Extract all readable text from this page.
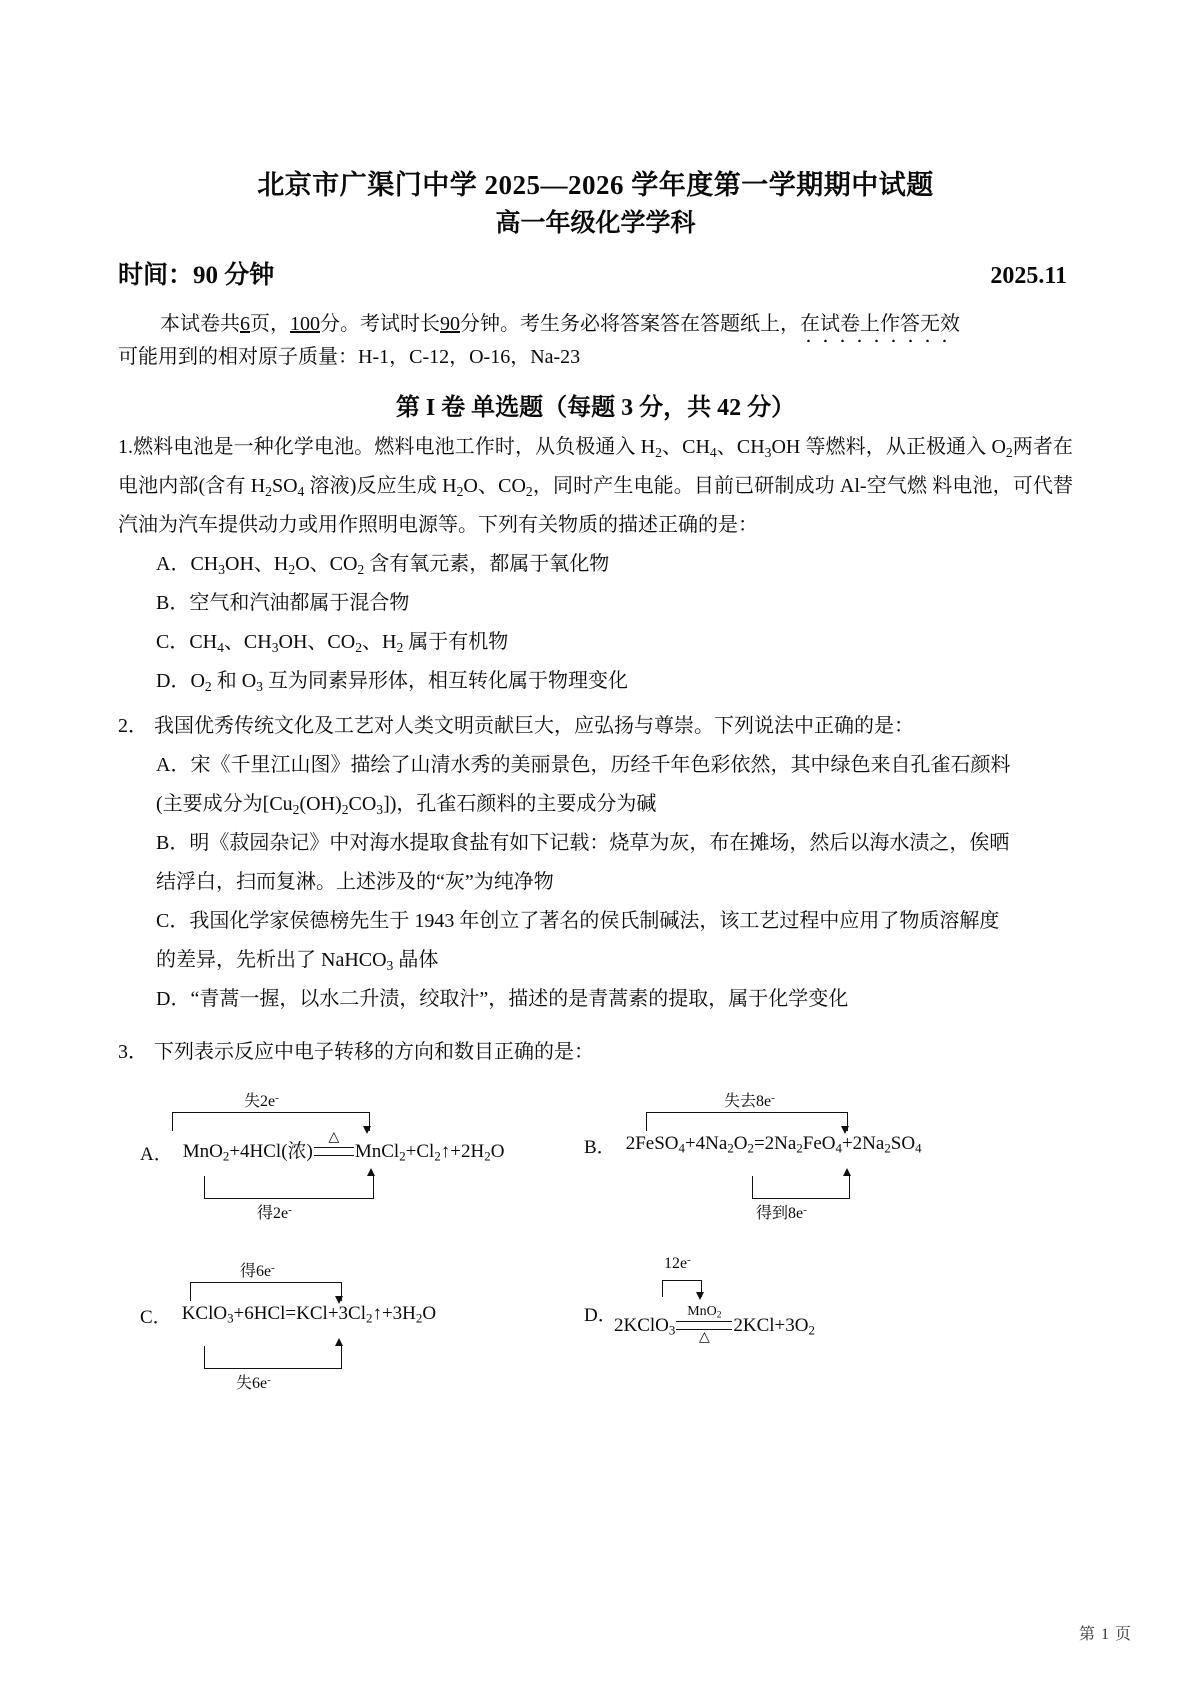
北京市广渠门中学 2025—2026 学年度第一学期期中试题
高一年级化学学科
时间：90 分钟	2025.11
本试卷共6页，100分。考试时长90分钟。考生务必将答案答在答题纸上，在试卷上作答无效
可能用到的相对原子质量：H-1，C-12，O-16，Na-23
第 I 卷 单选题（每题 3 分，共 42 分）
1.燃料电池是一种化学电池。燃料电池工作时，从负极通入 $H_2$、$CH_4$、$CH_3OH$ 等燃料，从正极通入 $O_2$两者在电池内部(含有 $H_2SO_4$ 溶液)反应生成 $H_2O$、$CO_2$，同时产生电能。目前已研制成功 Al-空气燃 料电池，可代替汽油为汽车提供动力或用作照明电源等。下列有关物质的描述正确的是：
A．$CH_3OH$、$H_2O$、$CO_2$ 含有氧元素，都属于氧化物
B．空气和汽油都属于混合物
C．$CH_4$、$CH_3OH$、$CO_2$、$H_2$ 属于有机物
D．$O_2$ 和 $O_3$ 互为同素异形体，相互转化属于物理变化
2． 我国优秀传统文化及工艺对人类文明贡献巨大，应弘扬与尊崇。下列说法中正确的是：
A．宋《千里江山图》描绘了山清水秀的美丽景色，历经千年色彩依然，其中绿色来自孔雀石颜料
(主要成分为$[Cu_2(OH)_2CO_3]$)，孔雀石颜料的主要成分为碱
B．明《菽园杂记》中对海水提取食盐有如下记载：烧草为灰，布在摊场，然后以海水渍之，俟晒
结浮白，扫而复淋。上述涉及的“灰”为纯净物
C．我国化学家侯德榜先生于 1943 年创立了著名的侯氏制碱法，该工艺过程中应用了物质溶解度
的差异，先析出了 NaHCO$_3$ 晶体
D．“青蒿一握，以水二升渍，绞取汁”，描述的是青蒿素的提取，属于化学变化
3． 下列表示反应中电子转移的方向和数目正确的是：
失2e-
A． MnO$_2$+4HCl(浓)
△

$MnCl_2+Cl_2↑+2H_2O$
得2e-
失去8e-
B． $2FeSO_4+4Na_2O_2=2Na_2FeO_4+2Na_2SO_4$
得到8e-
得6e-
C． $KClO_3+6HCl=KCl+3Cl_2↑+3H_2O$
失6e-
12e-
D．
2KClO$_3$
MnO$_2$
△
$2KCl+3O_2$
第 1 页
